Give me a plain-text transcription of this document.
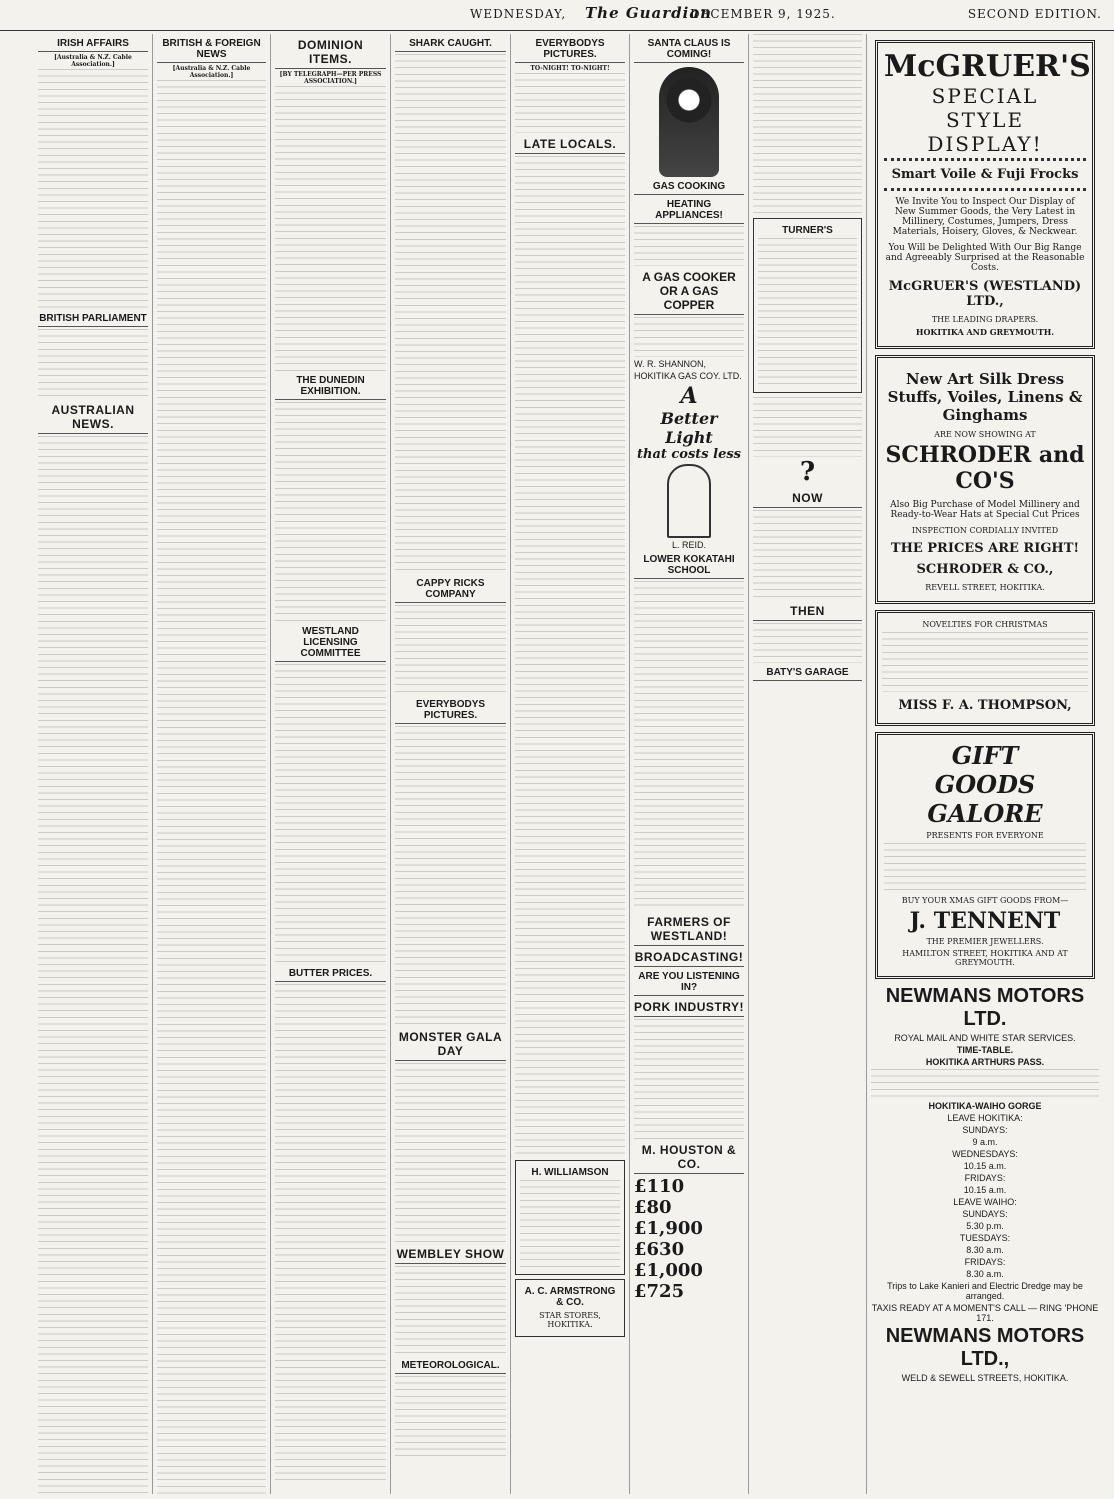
WEDNESDAY, The Guardian
DECEMBER 9, 1925.	SECOND EDITION.
IRISH AFFAIRS
[Australia & N.Z. Cable Association.]
BRITISH PARLIAMENT
AUSTRALIAN NEWS.
BRITISH & FOREIGN NEWS
[Australia & N.Z. Cable Association.]
DOMINION ITEMS.
[BY TELEGRAPH—PER PRESS ASSOCIATION.]
THE DUNEDIN EXHIBITION.
WESTLAND LICENSING COMMITTEE
BUTTER PRICES.
SHARK CAUGHT.
CAPPY RICKS COMPANY
EVERYBODYS PICTURES.
MONSTER GALA DAY
WEMBLEY SHOW
METEOROLOGICAL.
EVERYBODYS PICTURES.
TO-NIGHT! TO-NIGHT!
LATE LOCALS.
H. WILLIAMSON
A. C. ARMSTRONG & CO.
STAR STORES, HOKITIKA.
SANTA CLAUS IS COMING!
GAS COOKING
HEATING APPLIANCES!
A GAS COOKER OR A GAS COPPER
W. R. SHANNON,
HOKITIKA GAS COY. LTD.
A
Better Light
that costs less
L. REID.
LOWER KOKATAHI SCHOOL
FARMERS OF WESTLAND!
BROADCASTING!
ARE YOU LISTENING IN?
PORK INDUSTRY!
M. HOUSTON & CO.
£110
£80
£1,900
£630
£1,000
£725
TURNER'S
?
NOW
THEN
BATY'S GARAGE
McGRUER'S
SPECIAL
STYLE
DISPLAY!
Smart Voile & Fuji Frocks

We Invite You to Inspect Our Display of New Summer Goods, the Very Latest in Millinery, Costumes, Jumpers, Dress Materials, Hoisery, Gloves, & Neckwear.

You Will be Delighted With Our Big Range and Agreeably Surprised at the Reasonable Costs.

McGRUER'S (WESTLAND) LTD.,
THE LEADING DRAPERS.
HOKITIKA AND GREYMOUTH.
New Art Silk Dress Stuffs, Voiles, Linens & Ginghams
ARE NOW SHOWING AT
SCHRODER and CO'S

Also Big Purchase of Model Millinery and Ready-to-Wear Hats at Special Cut Prices

INSPECTION CORDIALLY INVITED
THE PRICES ARE RIGHT!
SCHRODER & CO.,
REVELL STREET, HOKITIKA.
NOVELTIES FOR CHRISTMAS
MISS F. A. THOMPSON,
GIFT
GOODS
GALORE
PRESENTS FOR EVERYONE
BUY YOUR XMAS GIFT GOODS FROM—
J. TENNENT
THE PREMIER JEWELLERS.
HAMILTON STREET, HOKITIKA AND AT GREYMOUTH.
NEWMANS MOTORS LTD.
ROYAL MAIL AND WHITE STAR SERVICES.
TIME-TABLE.
HOKITIKA ARTHURS PASS.
HOKITIKA-WAIHO GORGE
LEAVE HOKITIKA:
SUNDAYS:
9 a.m.
WEDNESDAYS:
10.15 a.m.
FRIDAYS:
10.15 a.m.
LEAVE WAIHO:
SUNDAYS:
5.30 p.m.
TUESDAYS:
8.30 a.m.
FRIDAYS:
8.30 a.m.
Trips to Lake Kanieri and Electric Dredge may be arranged.
TAXIS READY AT A MOMENT'S CALL — RING 'PHONE 171.
NEWMANS MOTORS LTD.,
WELD & SEWELL STREETS, HOKITIKA.
